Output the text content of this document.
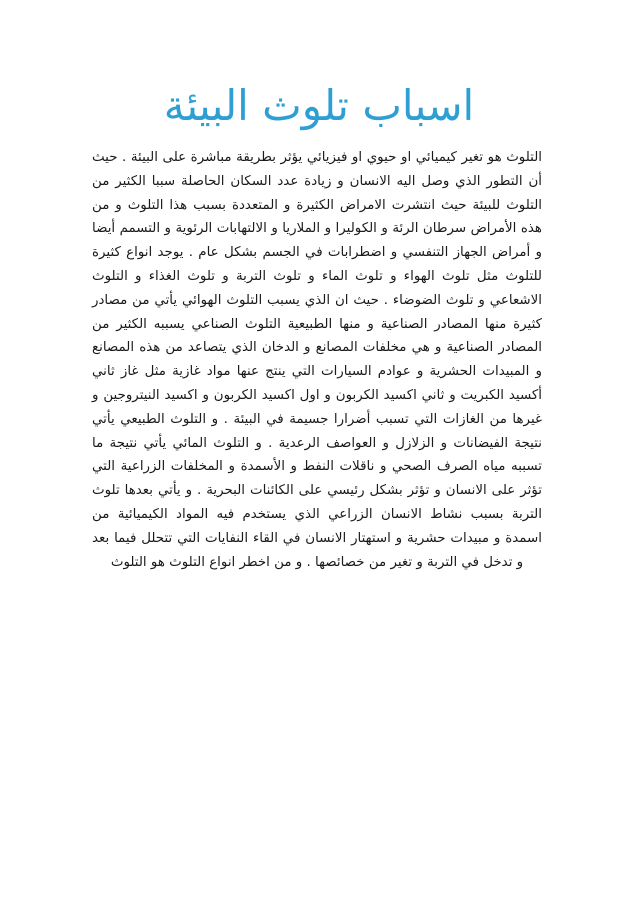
اسباب تلوث البيئة

التلوث هو تغير كيميائي او حيوي او فيزيائي يؤثر بطريقة مباشرة على البيئة . حيث أن التطور الذي وصل اليه الانسان و زيادة عدد السكان الحاصلة سببا الكثير من التلوث للبيئة حيث انتشرت الامراض الكثيرة و المتعددة بسبب هذا التلوث و من هذه الأمراض سرطان الرئة و الكوليرا و الملاريا و الالتهابات الرئوية و التسمم أيضا و أمراض الجهاز التنفسي و اضطرابات في الجسم بشكل عام . يوجد انواع كثيرة للتلوث مثل تلوث الهواء و تلوث الماء و تلوث التربة و تلوث الغذاء و التلوث الاشعاعي و تلوث الضوضاء . حيث ان الذي يسبب التلوث الهوائي يأتي من مصادر كثيرة منها المصادر الصناعية و منها الطبيعية التلوث الصناعي يسببه الكثير من المصادر الصناعية و هي مخلفات المصانع و الدخان الذي يتصاعد من هذه المصانع و المبيدات الحشرية و عوادم السيارات التي ينتج عنها مواد غازية مثل غاز ثاني أكسيد الكبريت و ثاني اكسيد الكربون و اول اكسيد الكربون و اكسيد النيتروجين و غيرها من الغازات التي تسبب أضرارا جسيمة في البيئة . و التلوث الطبيعي يأتي نتيجة الفيضانات و الزلازل و العواصف الرعدية . و التلوث المائي يأتي نتيجة ما تسببه مياه الصرف الصحي و ناقلات النفط و الأسمدة و المخلفات الزراعية التي تؤثر على الانسان و تؤثر بشكل رئيسي على الكائنات البحرية . و يأتي بعدها تلوث التربة بسبب نشاط الانسان الزراعي الذي يستخدم فيه المواد الكيميائية من اسمدة و مبيدات حشرية و استهتار الانسان في القاء النفايات التي تتحلل فيما بعد و تدخل في التربة و تغير من خصائصها . و من اخطر انواع التلوث هو التلوث
